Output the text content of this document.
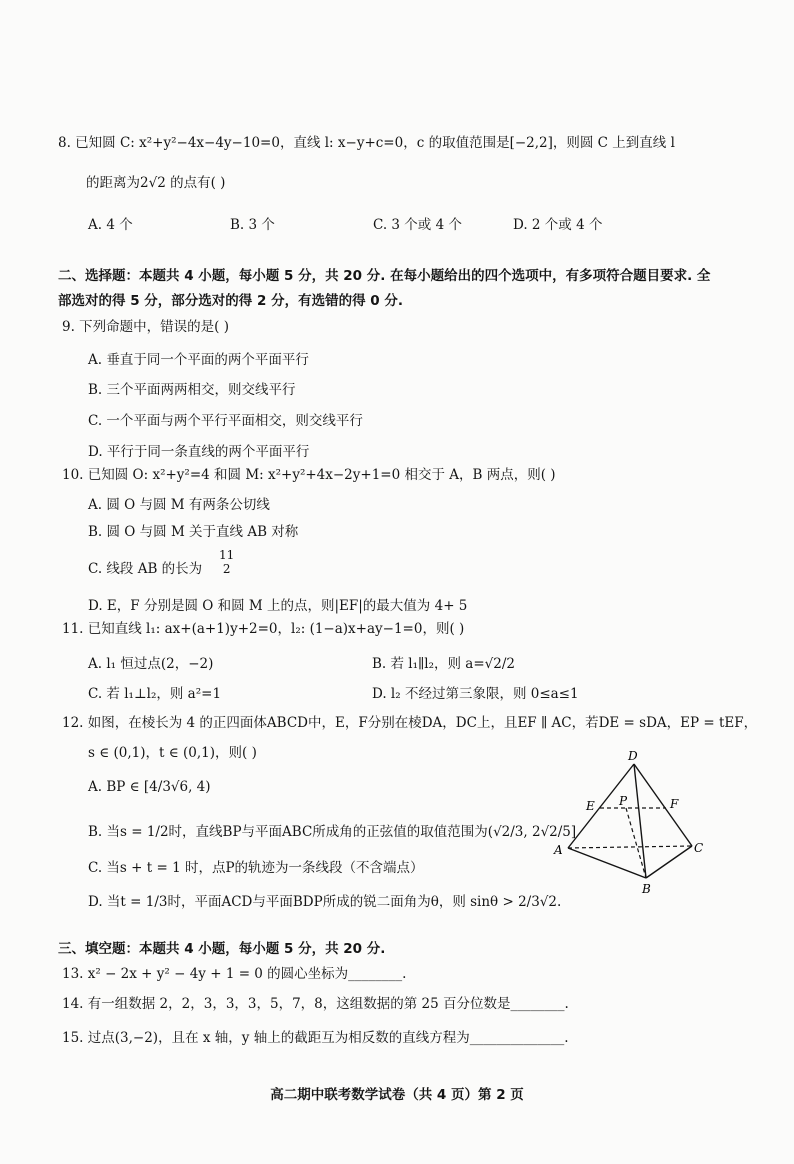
8. 已知圆 C: x²+y²−4x−4y−10=0，直线 l: x−y+c=0，c 的取值范围是[−2,2]，则圆 C 上到直线 l
的距离为2√2 的点有( )
A. 4 个	B. 3 个	C. 3 个或 4 个	D. 2 个或 4 个
二、选择题：本题共 4 小题，每小题 5 分，共 20 分. 在每小题给出的四个选项中，有多项符合题目要求. 全
部选对的得 5 分，部分选对的得 2 分，有选错的得 0 分.
9. 下列命题中，错误的是( )
A. 垂直于同一个平面的两个平面平行
B. 三个平面两两相交，则交线平行
C. 一个平面与两个平行平面相交，则交线平行
D. 平行于同一条直线的两个平面平行
10. 已知圆 O: x²+y²=4 和圆 M: x²+y²+4x−2y+1=0 相交于 A，B 两点，则( )
A. 圆 O 与圆 M 有两条公切线
B. 圆 O 与圆 M 关于直线 AB 对称
C. 线段 AB 的长为
11
2
D. E，F 分别是圆 O 和圆 M 上的点，则|EF|的最大值为 4+ 5
11. 已知直线 l₁: ax+(a+1)y+2=0，l₂: (1−a)x+ay−1=0，则( )
A. l₁ 恒过点(2，−2)	B. 若 l₁∥l₂，则 a=√2/2
C. 若 l₁⊥l₂，则 a²=1	D. l₂ 不经过第三象限，则 0≤a≤1
12. 如图，在棱长为 4 的正四面体ABCD中，E，F分别在棱DA，DC上，且EF ∥ AC，若DE = sDA，EP = tEF，
s ∈ (0,1)，t ∈ (0,1)，则( )
A. BP ∈ [4/3√6, 4)
B. 当s = 1/2时，直线BP与平面ABC所成角的正弦值的取值范围为(√2/3, 2√2/5]
C. 当s + t = 1 时，点P的轨迹为一条线段（不含端点）
D. 当t = 1/3时，平面ACD与平面BDP所成的锐二面角为θ，则 sinθ > 2/3√2.
D
E P	F
A	C
B
三、填空题：本题共 4 小题，每小题 5 分，共 20 分.
13. x² − 2x + y² − 4y + 1 = 0 的圆心坐标为________.
14. 有一组数据 2，2，3，3，3，5，7，8，这组数据的第 25 百分位数是________.
15. 过点(3,−2)，且在 x 轴，y 轴上的截距互为相反数的直线方程为______________.
高二期中联考数学试卷（共 4 页）第 2 页
